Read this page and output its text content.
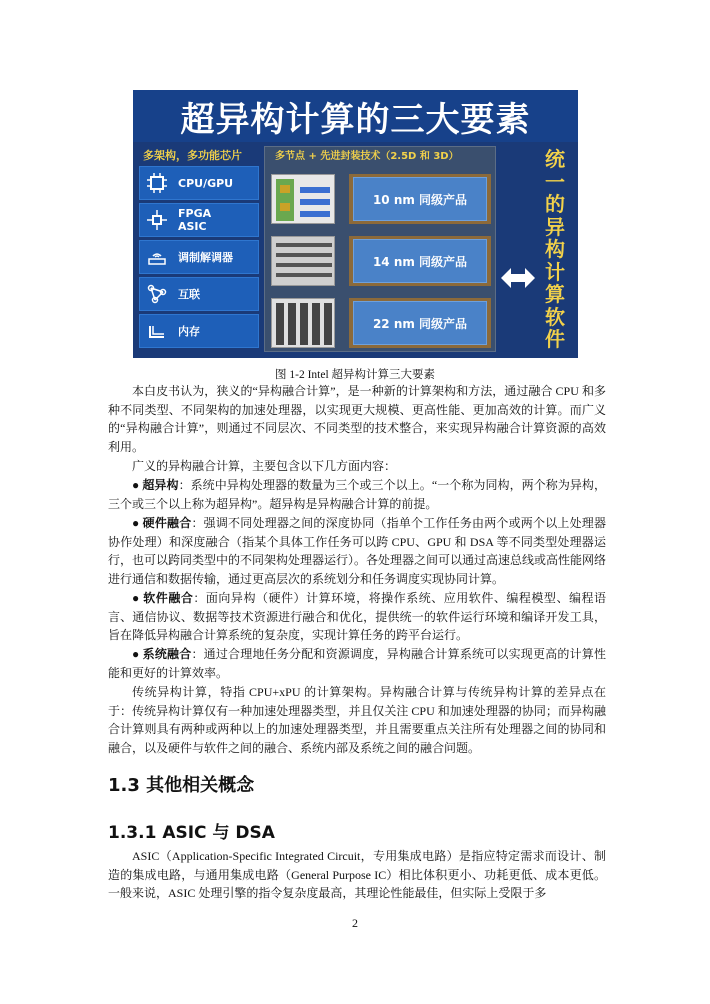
超异构计算的三大要素
多架构，多功能芯片
CPU/GPU
FPGA
ASIC
调制解调器
互联
内存
多节点 + 先进封装技术（2.5D 和 3D）
10 nm 同级产品
14 nm 同级产品
22 nm 同级产品
统
一
的
异
构
计
算
软
件
图 1-2 Intel 超异构计算三大要素

本白皮书认为，狭义的“异构融合计算”，是一种新的计算架构和方法，通过融合 CPU 和多种不同类型、不同架构的加速处理器，以实现更大规模、更高性能、更加高效的计算。而广义的“异构融合计算”，则通过不同层次、不同类型的技术整合，来实现异构融合计算资源的高效利用。

广义的异构融合计算，主要包含以下几方面内容：

● 超异构：系统中异构处理器的数量为三个或三个以上。“一个称为同构，两个称为异构，三个或三个以上称为超异构”。超异构是异构融合计算的前提。

● 硬件融合：强调不同处理器之间的深度协同（指单个工作任务由两个或两个以上处理器协作处理）和深度融合（指某个具体工作任务可以跨 CPU、GPU 和 DSA 等不同类型处理器运行，也可以跨同类型中的不同架构处理器运行）。各处理器之间可以通过高速总线或高性能网络进行通信和数据传输，通过更高层次的系统划分和任务调度实现协同计算。

● 软件融合：面向异构（硬件）计算环境，将操作系统、应用软件、编程模型、编程语言、通信协议、数据等技术资源进行融合和优化，提供统一的软件运行环境和编译开发工具，旨在降低异构融合计算系统的复杂度，实现计算任务的跨平台运行。

● 系统融合：通过合理地任务分配和资源调度，异构融合计算系统可以实现更高的计算性能和更好的计算效率。

传统异构计算，特指 CPU+xPU 的计算架构。异构融合计算与传统异构计算的差异点在于：传统异构计算仅有一种加速处理器类型，并且仅关注 CPU 和加速处理器的协同；而异构融合计算则具有两种或两种以上的加速处理器类型，并且需要重点关注所有处理器之间的协同和融合，以及硬件与软件之间的融合、系统内部及系统之间的融合问题。

1.3 其他相关概念
1.3.1 ASIC 与 DSA

ASIC（Application-Specific Integrated Circuit，专用集成电路）是指应特定需求而设计、制造的集成电路，与通用集成电路（General Purpose IC）相比体积更小、功耗更低、成本更低。一般来说，ASIC 处理引擎的指令复杂度最高，其理论性能最佳，但实际上受限于多

2
